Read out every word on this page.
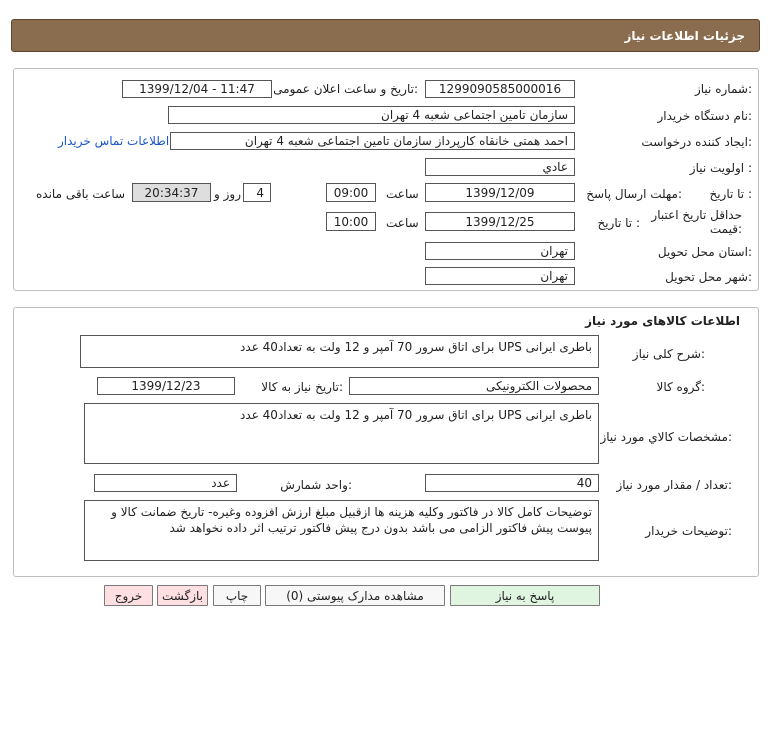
جزئیات اطلاعات نیاز
شماره نیاز:
1299090585000016
تاریخ و ساعت اعلان عمومی:
1399/12/04 - 11:47
نام دستگاه خریدار:
سازمان تامین اجتماعی شعبه 4 تهران
ایجاد کننده درخواست:
احمد همتی خانقاه کارپرداز سازمان تامین اجتماعی شعبه 4 تهران
اطلاعات تماس خریدار
اولویت نیاز :
عادي
مهلت ارسال پاسخ: تا تاریخ :
1399/12/09
ساعت
09:00
4
روز و
20:34:37
ساعت باقی مانده
حداقل تاریخ اعتبار قیمت:
تا تاریخ :
1399/12/25
ساعت
10:00
استان محل تحویل:
تهران
شهر محل تحویل:
تهران
اطلاعات کالاهای مورد نیاز
شرح کلی نیاز:
باطری ایرانی UPS برای اتاق سرور 70 آمپر و 12 ولت به تعداد40 عدد
گروه کالا:
محصولات الکترونیکی
تاریخ نیاز به کالا:
1399/12/23
مشخصات کالاي مورد نیاز:
باطری ایرانی UPS برای اتاق سرور 70 آمپر و 12 ولت به تعداد40 عدد
تعداد / مقدار مورد نیاز:
40
واحد شمارش:
عدد
توضیحات خریدار:
توضیحات کامل کالا در فاکتور وکلیه هزینه ها ازقبیل مبلغ ارزش افزوده وغیره- تاریخ ضمانت کالا و پیوست پیش فاکتور الزامی می باشد بدون درج پیش فاکتور ترتیب اثر داده نخواهد شد
پاسخ به نیاز
مشاهده مدارک پیوستی (0)
چاپ
بازگشت
خروج
